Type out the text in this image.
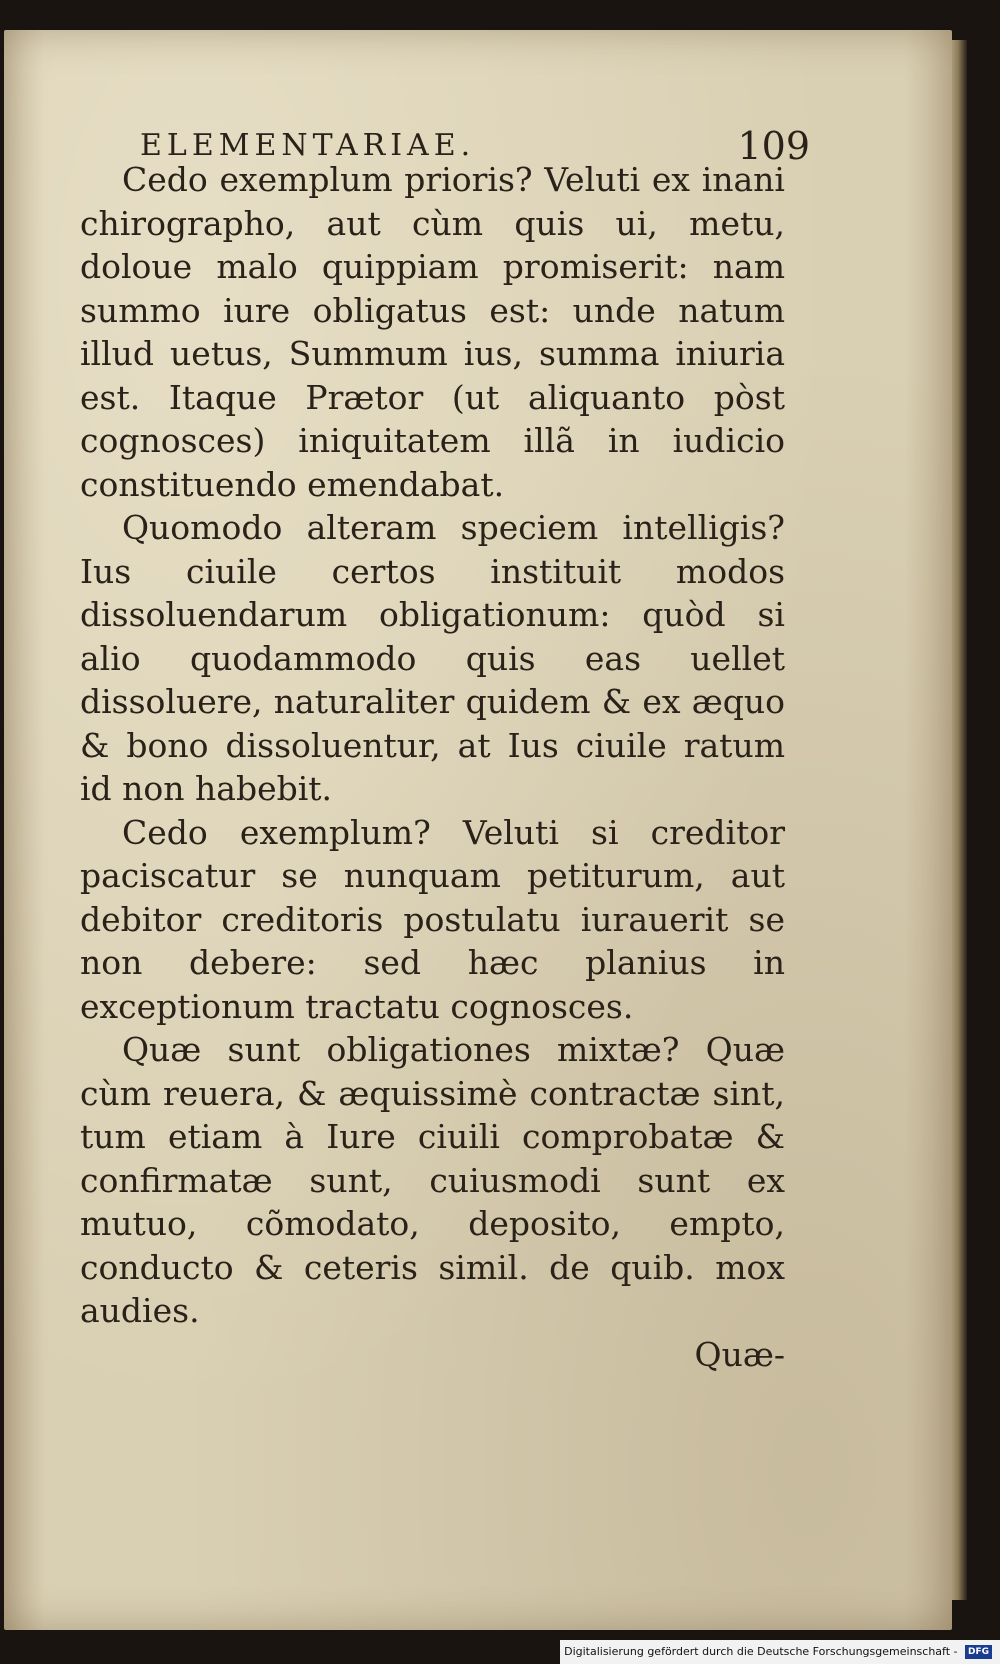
ELEMENTARIAE.	109

Cedo exemplum prioris? Veluti ex inani chirographo, aut cùm quis ui, metu, doloue malo quippiam promiserit: nam summo iure obligatus est: unde natum illud uetus, Summum ius, summa iniuria est. Itaque Prætor (ut aliquanto pòst cognosces) iniquitatem illã in iudicio constituendo emendabat.

Quomodo alteram speciem intelligis? Ius ciuile certos instituit modos dissoluendarum obligationum: quòd si alio quodammodo quis eas uellet dissoluere, naturaliter quidem & ex æquo & bono dissoluentur, at Ius ciuile ratum id non habebit.

Cedo exemplum? Veluti si creditor paciscatur se nunquam petiturum, aut debitor creditoris postulatu iurauerit se non debere: sed hæc planius in exceptionum tractatu cognosces.

Quæ sunt obligationes mixtæ? Quæ cùm reuera, & æquissimè contractæ sint, tum etiam à Iure ciuili comprobatæ & confirmatæ sunt, cuiusmodi sunt ex mutuo, cõmodato, deposito, empto, conducto & ceteris simil. de quib. mox audies.

Quæ-

Digitalisierung gefördert durch die Deutsche Forschungsgemeinschaft - DFG
